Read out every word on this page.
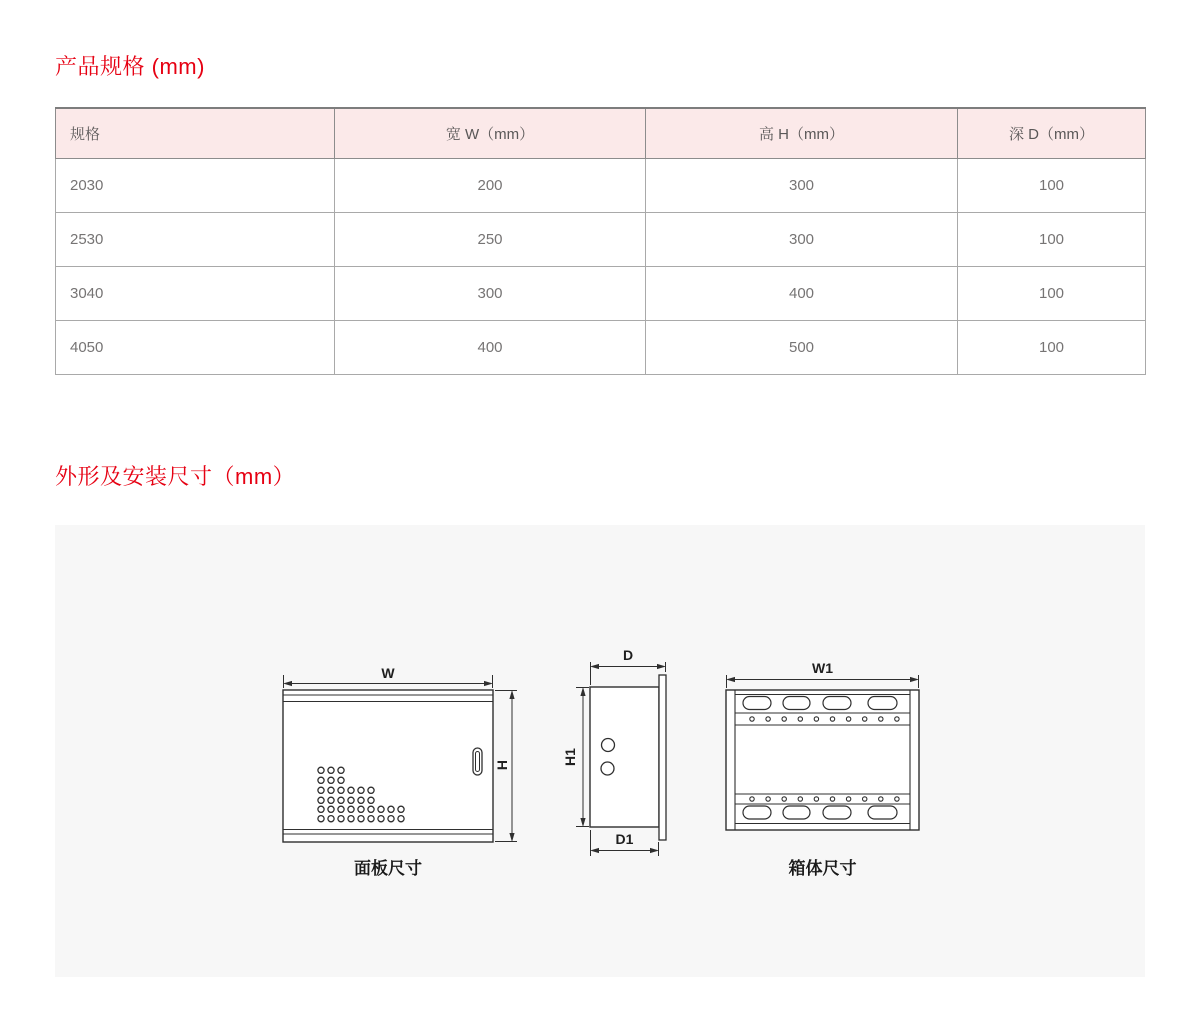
产品规格 (mm)
规格	宽 W（mm）	高 H（mm）	深 D（mm）
2030	200	300	100
2530	250	300	100
3040	300	400	100
4050	400	500	100
外形及安装尺寸（mm）
W
H
面板尺寸
D
H1
D1
W1
箱体尺寸
